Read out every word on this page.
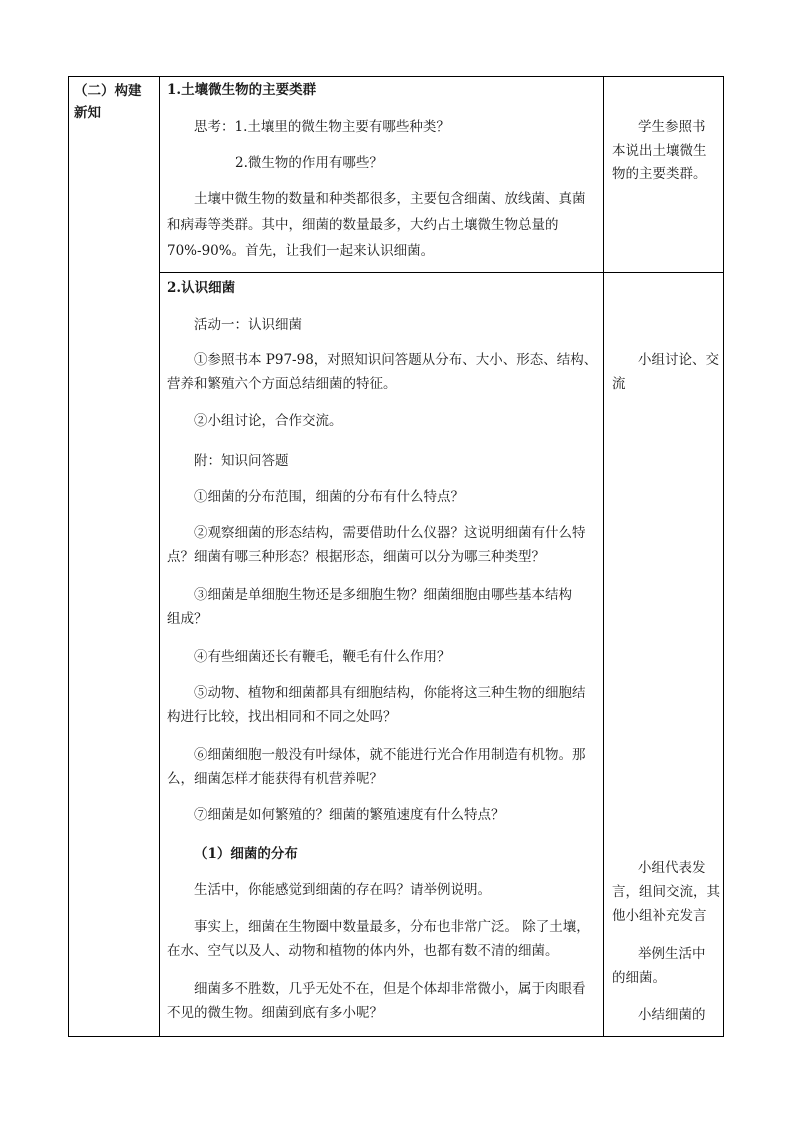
（二）构建
新知
1.土壤微生物的主要类群
思考：1.土壤里的微生物主要有哪些种类？
2.微生物的作用有哪些？
土壤中微生物的数量和种类都很多，主要包含细菌、放线菌、真菌
和病毒等类群。其中，细菌的数量最多，大约占土壤微生物总量的
70%-90%。首先，让我们一起来认识细菌。
学生参照书
本说出土壤微生
物的主要类群。
2.认识细菌
活动一：认识细菌
①参照书本 P97-98，对照知识问答题从分布、大小、形态、结构、
营养和繁殖六个方面总结细菌的特征。
②小组讨论，合作交流。
附：知识问答题
①细菌的分布范围，细菌的分布有什么特点？
②观察细菌的形态结构，需要借助什么仪器？这说明细菌有什么特
点？细菌有哪三种形态？根据形态，细菌可以分为哪三种类型？
③细菌是单细胞生物还是多细胞生物？细菌细胞由哪些基本结构
组成？
④有些细菌还长有鞭毛，鞭毛有什么作用？
⑤动物、植物和细菌都具有细胞结构，你能将这三种生物的细胞结
构进行比较，找出相同和不同之处吗？
⑥细菌细胞一般没有叶绿体，就不能进行光合作用制造有机物。那
么，细菌怎样才能获得有机营养呢？
⑦细菌是如何繁殖的？细菌的繁殖速度有什么特点？
（1）细菌的分布
生活中，你能感觉到细菌的存在吗？请举例说明。
事实上，细菌在生物圈中数量最多，分布也非常广泛。 除了土壤，
在水、空气以及人、动物和植物的体内外，也都有数不清的细菌。
细菌多不胜数，几乎无处不在，但是个体却非常微小，属于肉眼看
不见的微生物。细菌到底有多小呢？
小组讨论、交
流
小组代表发
言，组间交流，其
他小组补充发言
举例生活中
的细菌。
小结细菌的
